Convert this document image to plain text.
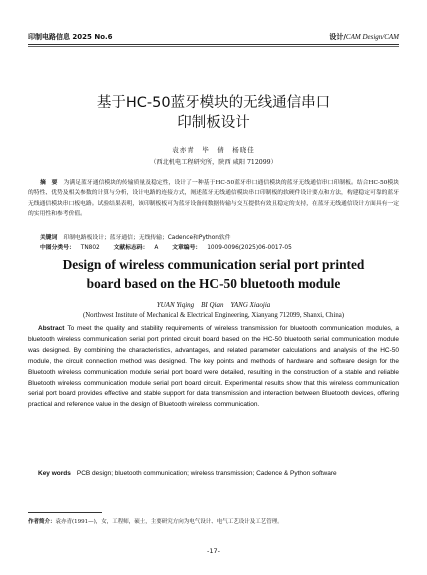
印制电路信息 2025 No.6	设计/CAM Design/CAM
基于HC-50蓝牙模块的无线通信串口
印制板设计
袁亦青　毕　倩　杨晓佳
（西北机电工程研究所，陕西 咸阳 712099）
摘　要 为满足蓝牙通信模块的传输质量及稳定性，设计了一种基于HC-50蓝牙串口通信模块的蓝牙无线通信串口印制板。结合HC-50模块的特性、优势及相关参数的计算与分析，设计电路的连接方式，阐述蓝牙无线通信模块串口印制板的软硬件设计要点和方法，构建稳定可靠的蓝牙无线通信模块串口板电路。试验结果表明，该印制板板可为蓝牙设备间数据传输与交互提供有效且稳定的支持，在蓝牙无线通信设计方面具有一定的实用性和参考价值。
关键词 印制电路板设计；蓝牙通信；无线传输；Cadence和Python软件
中图分类号： TN802 文献标志码： A 文章编号： 1009-0096(2025)06-0017-05
Design of wireless communication serial port printed
board based on the HC-50 bluetooth module
YUAN Yiqing　BI Qian　YANG Xiaojia
(Northwest Institute of Mechanical & Electrical Engineering, Xianyang 712099, Shanxi, China)
Abstract To meet the quality and stability requirements of wireless transmission for bluetooth communication modules, a bluetooth wireless communication serial port printed circuit board based on the HC-50 bluetooth serial communication module was designed. By combining the characteristics, advantages, and related parameter calculations and analysis of the HC-50 module, the circuit connection method was designed. The key points and methods of hardware and software design for the Bluetooth wireless communication module serial port board were detailed, resulting in the construction of a stable and reliable Bluetooth wireless communication module serial port board circuit. Experimental results show that this wireless communication serial port board provides effective and stable support for data transmission and interaction between Bluetooth devices, offering practical and reference value in the design of Bluetooth wireless communication.
Key words PCB design; bluetooth communication; wireless transmission; Cadence & Python software
作者简介：袁亦青(1991—)，女，工程师，硕士，主要研究方向为电气设计、电气工艺设计及工艺管理。
-17-
